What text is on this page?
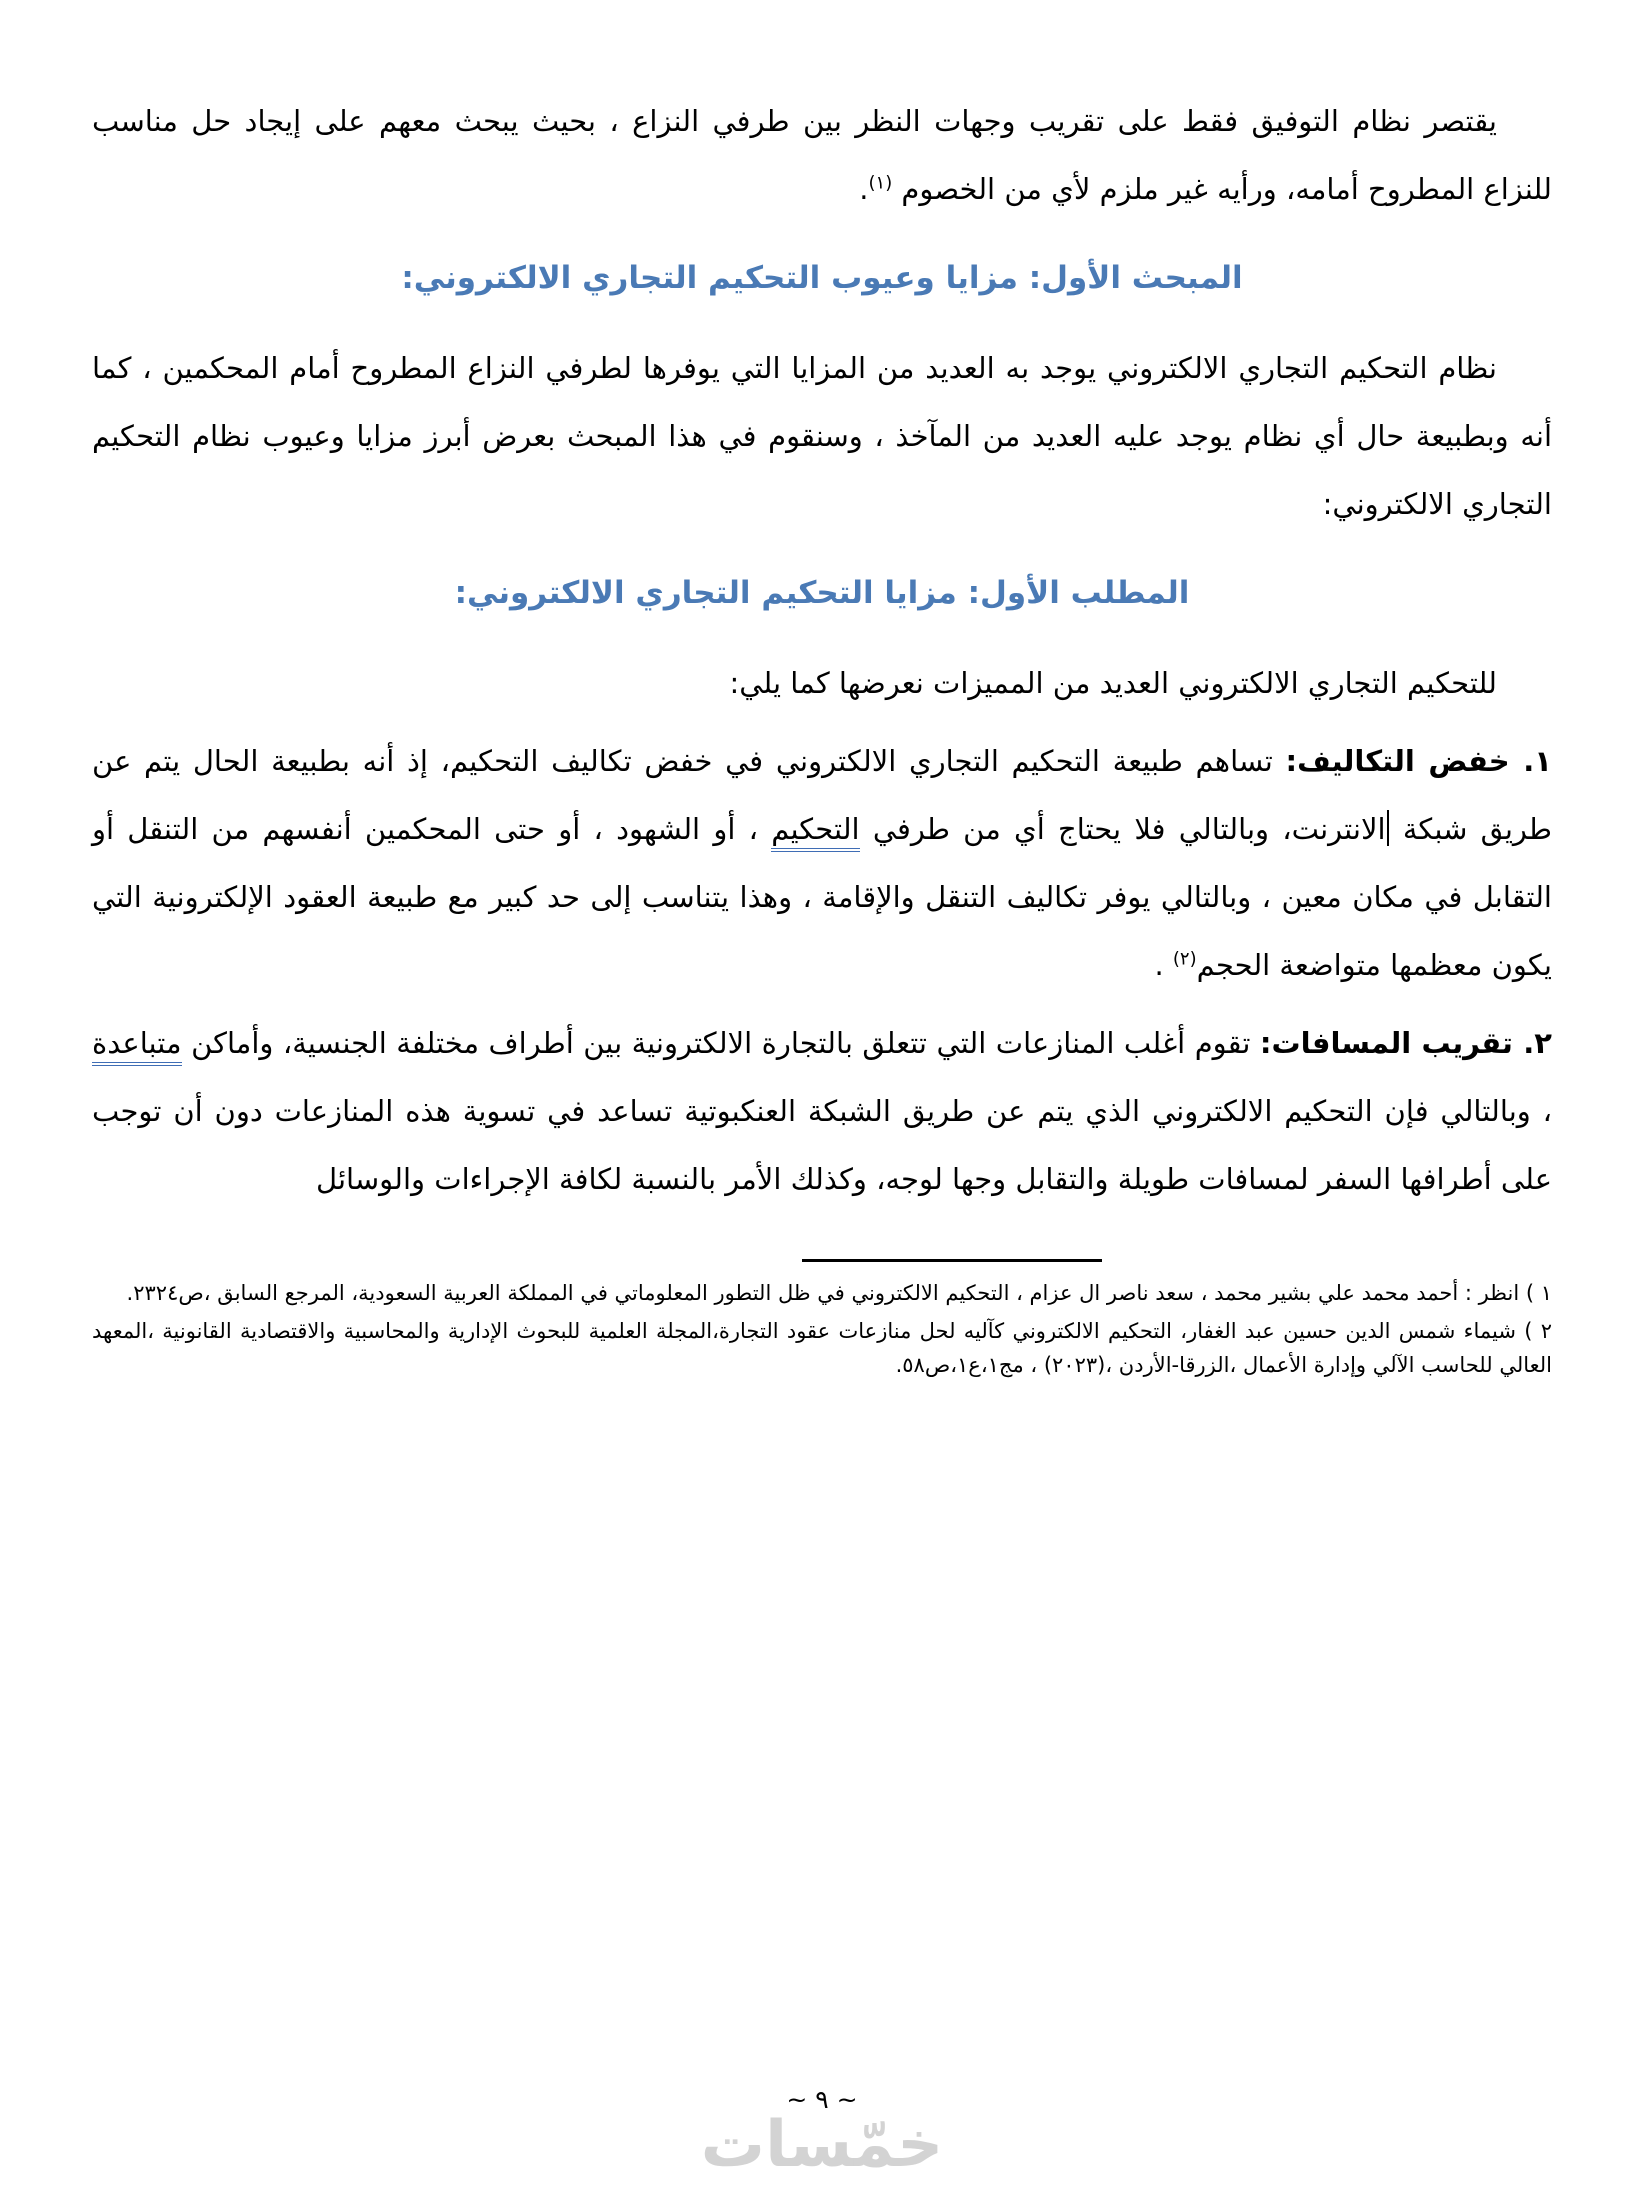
يقتصر نظام التوفيق فقط على تقريب وجهات النظر بين طرفي النزاع ، بحيث يبحث معهم على إيجاد حل مناسب للنزاع المطروح أمامه، ورأيه غير ملزم لأي من الخصوم $^{(١)}$.

المبحث الأول: مزايا وعيوب التحكيم التجاري الالكتروني:

نظام التحكيم التجاري الالكتروني يوجد به العديد من المزايا التي يوفرها لطرفي النزاع المطروح أمام المحكمين ، كما أنه وبطبيعة حال أي نظام يوجد عليه العديد من المآخذ ، وسنقوم في هذا المبحث بعرض أبرز مزايا وعيوب نظام التحكيم التجاري الالكتروني:

المطلب الأول: مزايا التحكيم التجاري الالكتروني:

للتحكيم التجاري الالكتروني العديد من المميزات نعرضها كما يلي:

١. خفض التكاليف: تساهم طبيعة التحكيم التجاري الالكتروني في خفض تكاليف التحكيم، إذ أنه بطبيعة الحال يتم عن طريق شبكة الانترنت، وبالتالي فلا يحتاج أي من طرفي التحكيم ، أو الشهود ، أو حتى المحكمين أنفسهم من التنقل أو التقابل في مكان معين ، وبالتالي يوفر تكاليف التنقل والإقامة ، وهذا يتناسب إلى حد كبير مع طبيعة العقود الإلكترونية التي يكون معظمها متواضعة الحجم$^{(٢)}$ .

٢. تقريب المسافات: تقوم أغلب المنازعات التي تتعلق بالتجارة الالكترونية بين أطراف مختلفة الجنسية، وأماكن متباعدة ، وبالتالي فإن التحكيم الالكتروني الذي يتم عن طريق الشبكة العنكبوتية تساعد في تسوية هذه المنازعات دون أن توجب على أطرافها السفر لمسافات طويلة والتقابل وجها لوجه، وكذلك الأمر بالنسبة لكافة الإجراءات والوسائل

١ ) انظر : أحمد محمد علي بشير محمد ، سعد ناصر ال عزام ، التحكيم الالكتروني في ظل التطور المعلوماتي في المملكة العربية السعودية، المرجع السابق ،ص٢٣٢٤.

٢ ) شيماء شمس الدين حسين عبد الغفار، التحكيم الالكتروني كآليه لحل منازعات عقود التجارة،المجلة العلمية للبحوث الإدارية والمحاسبية والاقتصادية القانونية ،المعهد العالي للحاسب الآلي وإدارة الأعمال ،الزرقا-الأردن ،(٢٠٢٣) ، مج١،ع١،ص٥٨.

~ ٩ ~
خمّسات
